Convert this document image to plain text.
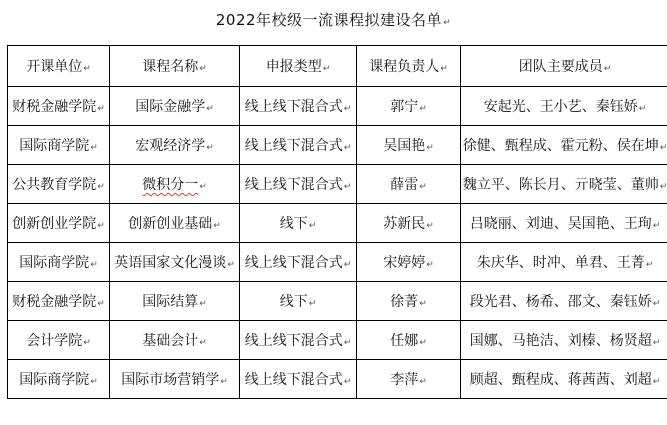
2022年校级一流课程拟建设名单↵
开课单位↵	课程名称↵	申报类型↵	课程负责人↵	团队主要成员↵
财税金融学院↵	国际金融学↵	线上线下混合式↵	郭宁↵	安起光、王小艺、秦钰娇↵
国际商学院↵	宏观经济学↵	线上线下混合式↵	吴国艳↵	徐健、甄程成、霍元粉、侯在坤↵
公共教育学院↵	微积分一↵	线上线下混合式↵	薛雷↵	魏立平、陈长月、亓晓莹、董帅↵
创新创业学院↵	创新创业基础↵	线下↵	苏新民↵	吕晓丽、刘迪、吴国艳、王珣↵
国际商学院↵	英语国家文化漫谈↵	线上线下混合式↵	宋婷婷↵	朱庆华、时冲、单君、王菁↵
财税金融学院↵	国际结算↵	线下↵	徐菁↵	段光君、杨希、邵文、秦钰娇↵
会计学院↵	基础会计↵	线上线下混合式↵	任娜↵	国娜、马艳洁、刘榛、杨贤超↵
国际商学院↵	国际市场营销学↵	线上线下混合式↵	李萍↵	顾超、甄程成、蒋茜茜、刘超↵
